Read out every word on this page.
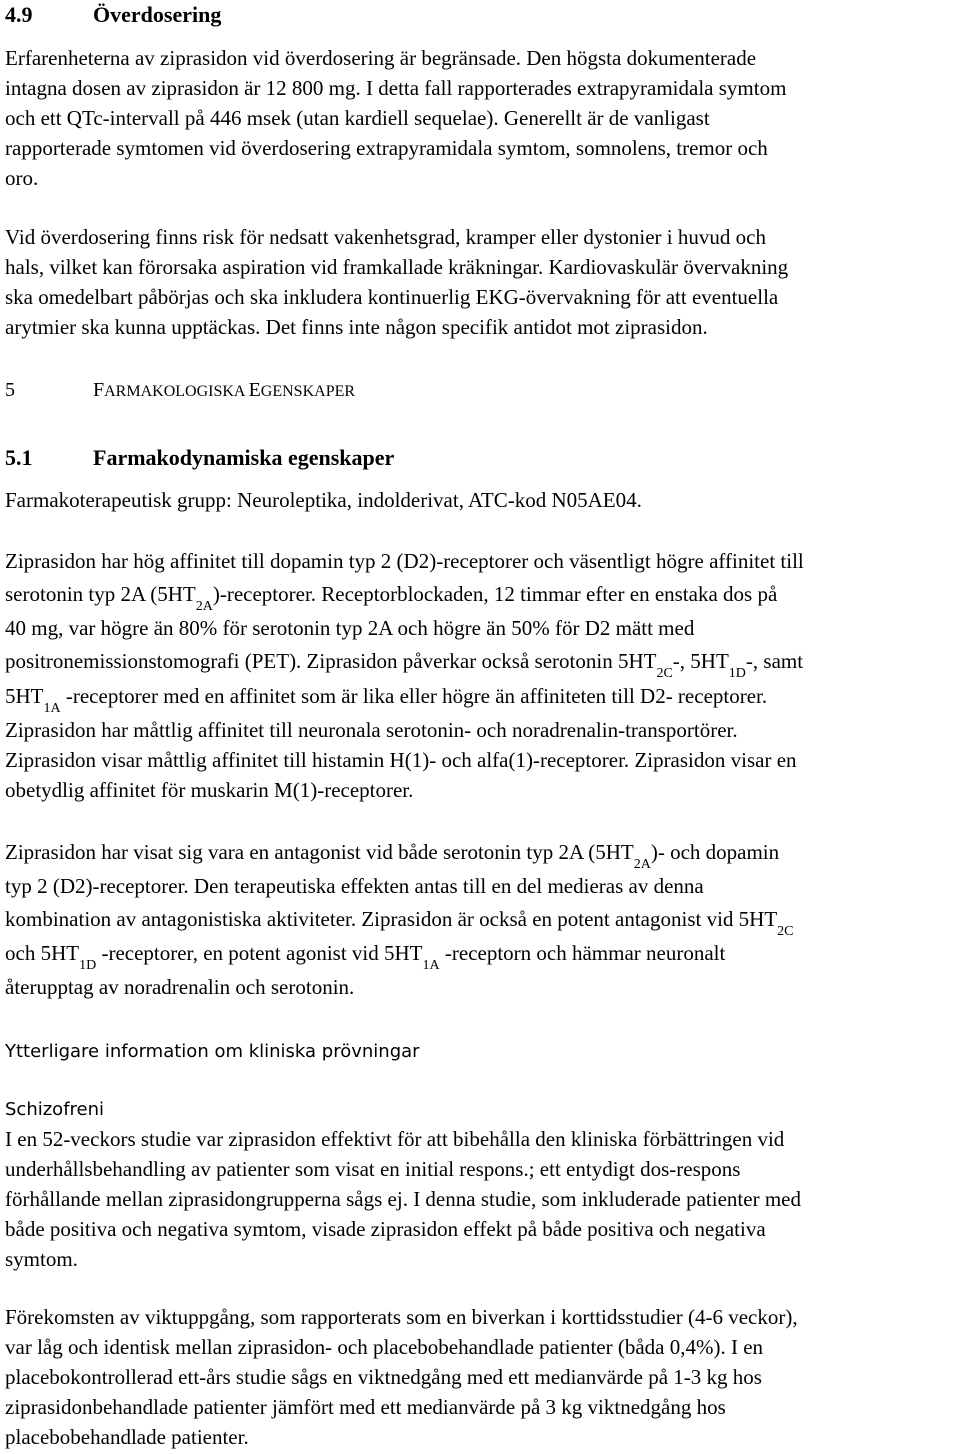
4.9	Överdosering

Erfarenheterna av ziprasidon vid överdosering är begränsade. Den högsta dokumenterade
intagna dosen av ziprasidon är 12 800 mg. I detta fall rapporterades extrapyramidala symtom
och ett QTc-intervall på 446 msek (utan kardiell sequelae). Generellt är de vanligast
rapporterade symtomen vid överdosering extrapyramidala symtom, somnolens, tremor och
oro.

Vid överdosering finns risk för nedsatt vakenhetsgrad, kramper eller dystonier i huvud och
hals, vilket kan förorsaka aspiration vid framkallade kräkningar. Kardiovaskulär övervakning
ska omedelbart påbörjas och ska inkludera kontinuerlig EKG-övervakning för att eventuella
arytmier ska kunna upptäckas. Det finns inte någon specifik antidot mot ziprasidon.

5	FARMAKOLOGISKA EGENSKAPER
5.1	Farmakodynamiska egenskaper

Farmakoterapeutisk grupp: Neuroleptika, indolderivat, ATC-kod N05AE04.

Ziprasidon har hög affinitet till dopamin typ 2 (D2)-receptorer och väsentligt högre affinitet till
serotonin typ 2A $(5HT_{2A})$-receptorer. Receptorblockaden, 12 timmar efter en enstaka dos på
40 mg, var högre än 80% för serotonin typ 2A och högre än 50% för D2 mätt med
positronemissionstomografi (PET). Ziprasidon påverkar också serotonin $5HT_{2C}-$, $5HT_{1D}-$, samt
$5HT_{1A}$ -receptorer med en affinitet som är lika eller högre än affiniteten till D2- receptorer.
Ziprasidon har måttlig affinitet till neuronala serotonin- och noradrenalin-transportörer.
Ziprasidon visar måttlig affinitet till histamin H(1)- och alfa(1)-receptorer. Ziprasidon visar en
obetydlig affinitet för muskarin M(1)-receptorer.

Ziprasidon har visat sig vara en antagonist vid både serotonin typ 2A $(5HT_{2A})-$ och dopamin
typ 2 (D2)-receptorer. Den terapeutiska effekten antas till en del medieras av denna
kombination av antagonistiska aktiviteter. Ziprasidon är också en potent antagonist vid $5HT_{2C}$
och $5HT_{1D}$ -receptorer, en potent agonist vid $5HT_{1A}$ -receptorn och hämmar neuronalt
återupptag av noradrenalin och serotonin.

Ytterligare information om kliniska prövningar
Schizofreni

I en 52-veckors studie var ziprasidon effektivt för att bibehålla den kliniska förbättringen vid
underhållsbehandling av patienter som visat en initial respons.; ett entydigt dos-respons
förhållande mellan ziprasidongrupperna sågs ej. I denna studie, som inkluderade patienter med
både positiva och negativa symtom, visade ziprasidon effekt på både positiva och negativa
symtom.

Förekomsten av viktuppgång, som rapporterats som en biverkan i korttidsstudier (4-6 veckor),
var låg och identisk mellan ziprasidon- och placebobehandlade patienter (båda 0,4%). I en
placebokontrollerad ett-års studie sågs en viktnedgång med ett medianvärde på 1-3 kg hos
ziprasidonbehandlade patienter jämfört med ett medianvärde på 3 kg viktnedgång hos
placebobehandlade patienter.
